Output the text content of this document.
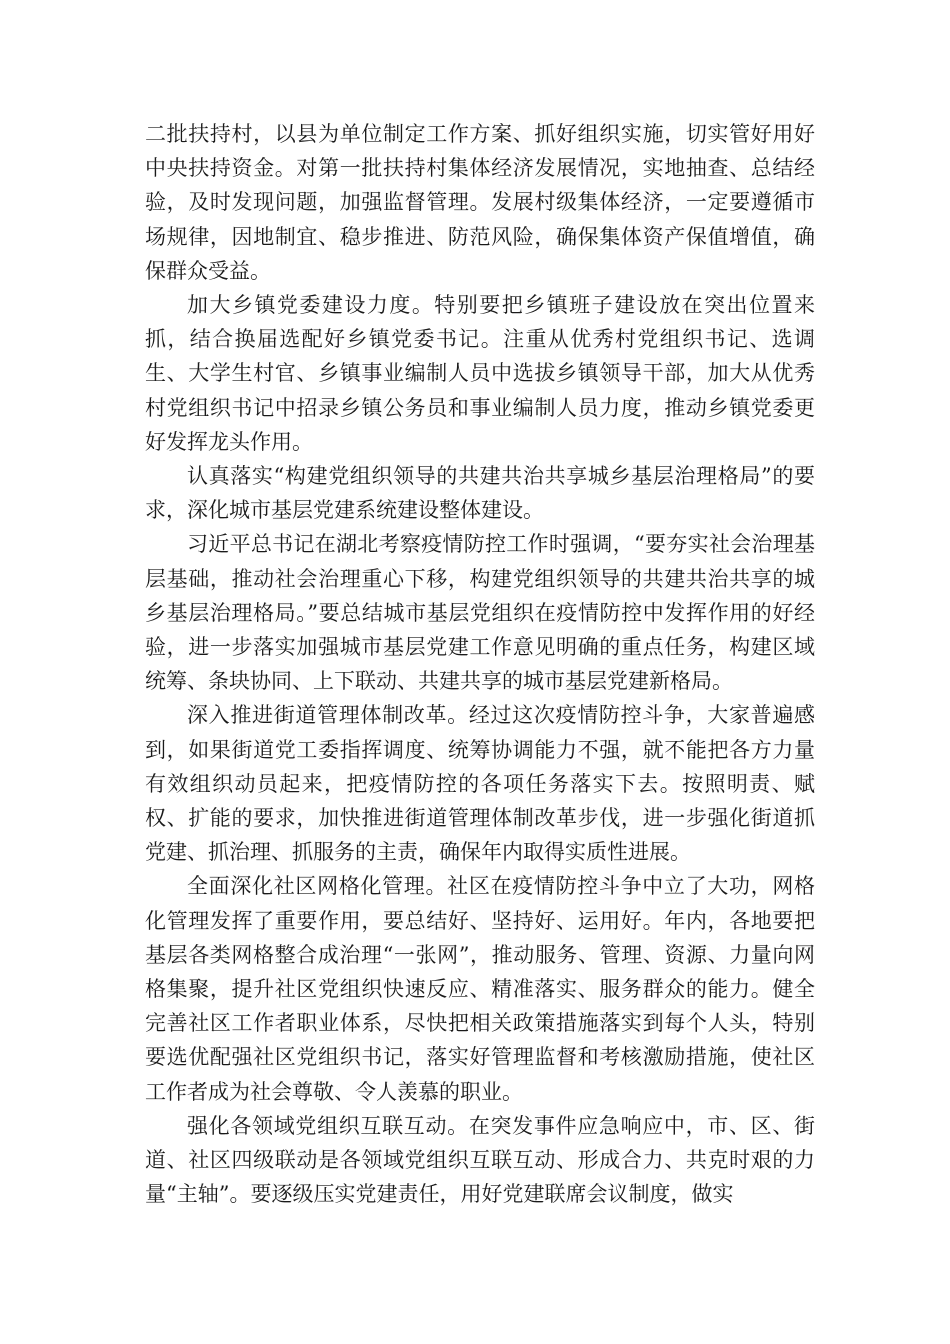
二批扶持村，以县为单位制定工作方案、抓好组织实施，切实管好用好中央扶持资金。对第一批扶持村集体经济发展情况，实地抽查、总结经验，及时发现问题，加强监督管理。发展村级集体经济，一定要遵循市场规律，因地制宜、稳步推进、防范风险，确保集体资产保值增值，确保群众受益。

加大乡镇党委建设力度。特别要把乡镇班子建设放在突出位置来抓，结合换届选配好乡镇党委书记。注重从优秀村党组织书记、选调生、大学生村官、乡镇事业编制人员中选拔乡镇领导干部，加大从优秀村党组织书记中招录乡镇公务员和事业编制人员力度，推动乡镇党委更好发挥龙头作用。

认真落实“构建党组织领导的共建共治共享城乡基层治理格局”的要求，深化城市基层党建系统建设整体建设。

习近平总书记在湖北考察疫情防控工作时强调，“要夯实社会治理基层基础，推动社会治理重心下移，构建党组织领导的共建共治共享的城乡基层治理格局。”要总结城市基层党组织在疫情防控中发挥作用的好经验，进一步落实加强城市基层党建工作意见明确的重点任务，构建区域统筹、条块协同、上下联动、共建共享的城市基层党建新格局。

深入推进街道管理体制改革。经过这次疫情防控斗争，大家普遍感到，如果街道党工委指挥调度、统筹协调能力不强，就不能把各方力量有效组织动员起来，把疫情防控的各项任务落实下去。按照明责、赋权、扩能的要求，加快推进街道管理体制改革步伐，进一步强化街道抓党建、抓治理、抓服务的主责，确保年内取得实质性进展。

全面深化社区网格化管理。社区在疫情防控斗争中立了大功，网格化管理发挥了重要作用，要总结好、坚持好、运用好。年内，各地要把基层各类网格整合成治理“一张网”，推动服务、管理、资源、力量向网格集聚，提升社区党组织快速反应、精准落实、服务群众的能力。健全完善社区工作者职业体系，尽快把相关政策措施落实到每个人头，特别要选优配强社区党组织书记，落实好管理监督和考核激励措施，使社区工作者成为社会尊敬、令人羡慕的职业。

强化各领域党组织互联互动。在突发事件应急响应中，市、区、街道、社区四级联动是各领域党组织互联互动、形成合力、共克时艰的力量“主轴”。要逐级压实党建责任，用好党建联席会议制度，做实
